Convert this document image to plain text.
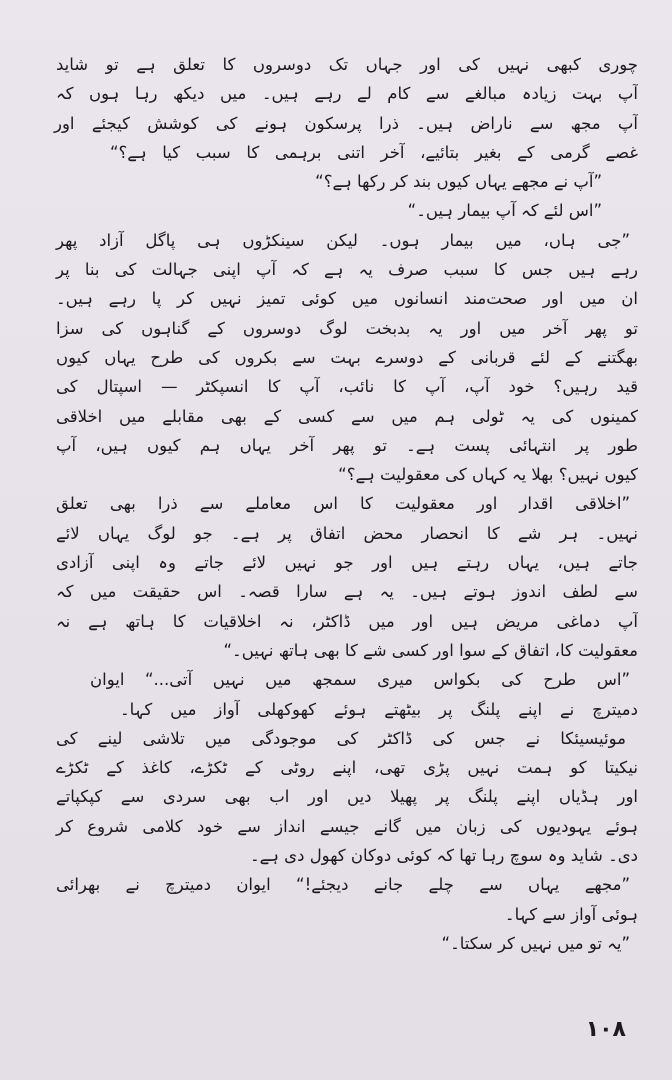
چوری کبھی نہیں کی اور جہاں تک دوسروں کا تعلق ہے تو شاید
آپ بہت زیادہ مبالغے سے کام لے رہے ہیں۔ میں دیکھ رہا ہوں کہ
آپ مجھ سے ناراض ہیں۔ ذرا پرسکون ہونے کی کوشش کیجئے اور
غصے گرمی کے بغیر بتائیے، آخر اتنی برہمی کا سبب کیا ہے؟“
”آپ نے مجھے یہاں کیوں بند کر رکھا ہے؟“
”اس لئے کہ آپ بیمار ہیں۔“
”جی ہاں، میں بیمار ہوں۔ لیکن سینکڑوں ہی پاگل آزاد پھر
رہے ہیں جس کا سبب صرف یہ ہے کہ آپ اپنی جہالت کی بنا پر
ان میں اور صحت‌مند انسانوں میں کوئی تمیز نہیں کر پا رہے ہیں۔
تو پھر آخر میں اور یہ بدبخت لوگ دوسروں کے گناہوں کی سزا
بھگتنے کے لئے قربانی کے دوسرے بہت سے بکروں کی طرح یہاں کیوں
قید رہیں؟ خود آپ، آپ کا نائب، آپ کا انسپکٹر — اسپتال کی
کمینوں کی یہ ٹولی ہم میں سے کسی کے بھی مقابلے میں اخلاقی
طور پر انتہائی پست ہے۔ تو پھر آخر یہاں ہم کیوں ہیں، آپ
کیوں نہیں؟ بھلا یہ کہاں کی معقولیت ہے؟“
”اخلاقی اقدار اور معقولیت کا اس معاملے سے ذرا بھی تعلق
نہیں۔ ہر شے کا انحصار محض اتفاق پر ہے۔ جو لوگ یہاں لائے
جاتے ہیں، یہاں رہتے ہیں اور جو نہیں لائے جاتے وہ اپنی آزادی
سے لطف اندوز ہوتے ہیں۔ یہ ہے سارا قصہ۔ اس حقیقت میں کہ
آپ دماغی مریض ہیں اور میں ڈاکٹر، نہ اخلاقیات کا ہاتھ ہے نہ
معقولیت کا، اتفاق کے سوا اور کسی شے کا بھی ہاتھ نہیں۔“
”اس طرح کی بکواس میری سمجھ میں نہیں آتی...“ ایوان
دمیترچ نے اپنے پلنگ پر بیٹھتے ہوئے کھوکھلی آواز میں کہا۔
موئیسیئکا نے جس کی ڈاکٹر کی موجودگی میں تلاشی لینے کی
نیکیتا کو ہمت نہیں پڑی تھی، اپنے روٹی کے ٹکڑے، کاغذ کے ٹکڑے
اور ہڈیاں اپنے پلنگ پر پھیلا دیں اور اب بھی سردی سے کپکپاتے
ہوئے یہودیوں کی زبان میں گانے جیسے انداز سے خود کلامی شروع کر
دی۔ شاید وہ سوچ رہا تھا کہ کوئی دوکان کھول دی ہے۔
”مجھے یہاں سے چلے جانے دیجئے!“ ایوان دمیترچ نے بھرائی
ہوئی آواز سے کہا۔
”یہ تو میں نہیں کر سکتا۔“
۱۰۸
